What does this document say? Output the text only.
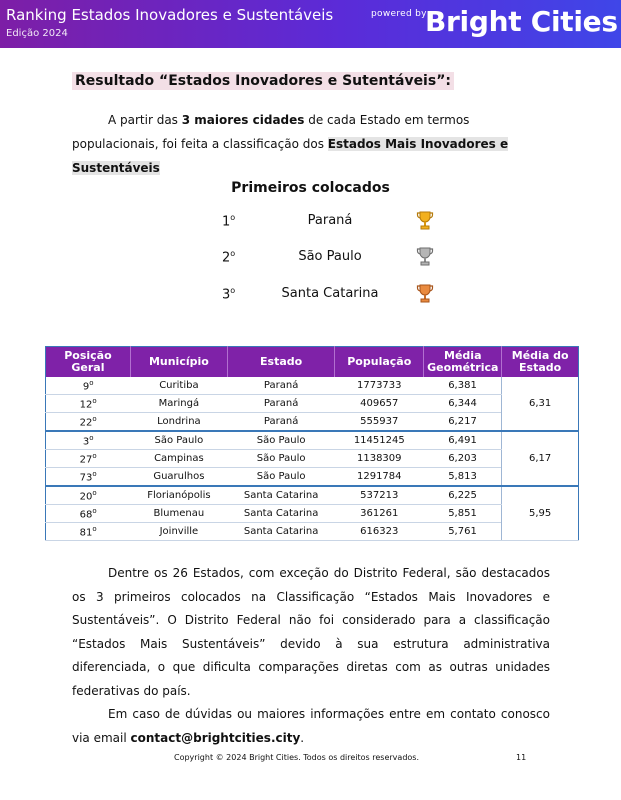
Ranking Estados Inovadores e Sustentáveis
Edição 2024
powered by
Bright Cities
Resultado “Estados Inovadores e Sutentáveis”:
A partir das 3 maiores cidades de cada Estado em termos populacionais, foi feita a classificação dos Estados Mais Inovadores e Sustentáveis
Primeiros colocados
1$^o$	Paraná
2$^o$	São Paulo
3$^o$	Santa Catarina
Posição Geral	Município	Estado	População	Média Geométrica	Média do Estado
9$^o$	Curitiba	Paraná	1773733	6,381	6,31
12$^o$	Maringá	Paraná	409657	6,344	
22$^o$	Londrina	Paraná	555937	6,217	
3$^o$	São Paulo	São Paulo	11451245	6,491	6,17
27$^o$	Campinas	São Paulo	1138309	6,203	
73$^o$	Guarulhos	São Paulo	1291784	5,813	
20$^o$	Florianópolis	Santa Catarina	537213	6,225	5,95
68$^o$	Blumenau	Santa Catarina	361261	5,851	
81$^o$	Joinville	Santa Catarina	616323	5,761	

Dentre os 26 Estados, com exceção do Distrito Federal, são destacados os 3 primeiros colocados na Classificação “Estados Mais Inovadores e Sustentáveis”. O Distrito Federal não foi considerado para a classificação “Estados Mais Sustentáveis” devido à sua estrutura administrativa diferenciada, o que dificulta comparações diretas com as outras unidades federativas do país.

Em caso de dúvidas ou maiores informações entre em contato conosco via email contact@brightcities.city.

Copyright © 2024 Bright Cities. Todos os direitos reservados.	11
